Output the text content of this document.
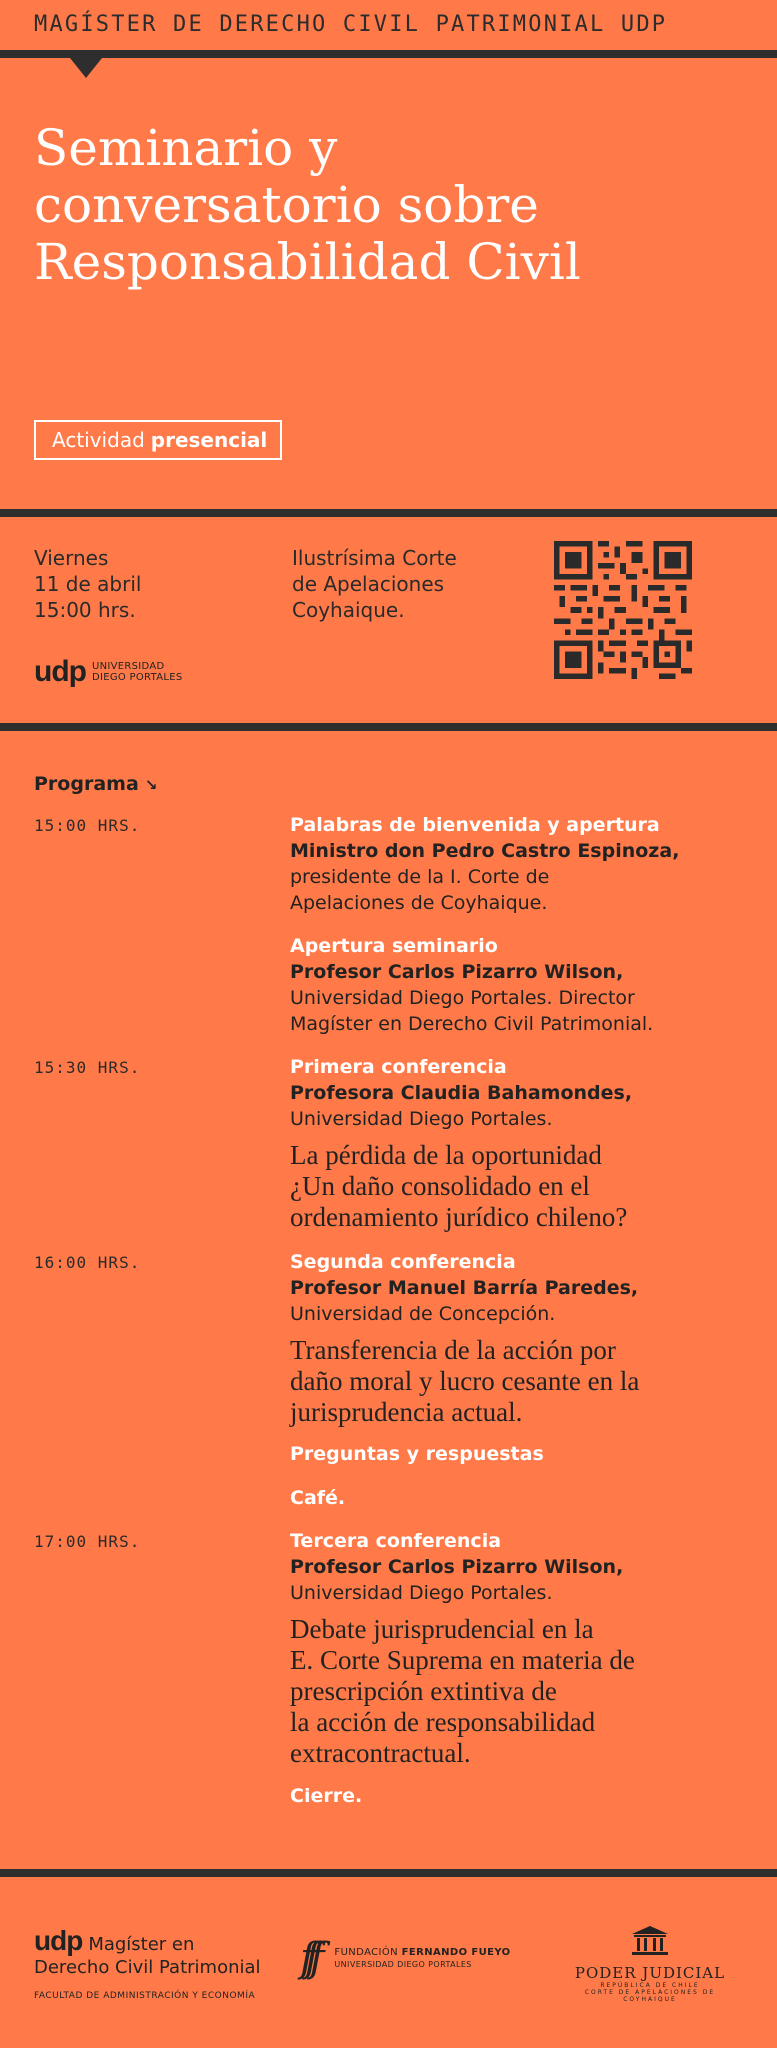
MAGÍSTER DE DERECHO CIVIL PATRIMONIAL UDP
Seminario y
conversatorio sobre
Responsabilidad Civil
Actividad presencial
Viernes
11 de abril
15:00 hrs.
Ilustrísima Corte
de Apelaciones
Coyhaique.
udp UNIVERSIDAD
DIEGO PORTALES
Programa ↘
15:00 HRS.
15:30 HRS.
16:00 HRS.
17:00 HRS.
Palabras de bienvenida y apertura
Ministro don Pedro Castro Espinoza,
presidente de la I. Corte de
Apelaciones de Coyhaique.
Apertura seminario
Profesor Carlos Pizarro Wilson,
Universidad Diego Portales. Director
Magíster en Derecho Civil Patrimonial.
Primera conferencia
Profesora Claudia Bahamondes,
Universidad Diego Portales.
La pérdida de la oportunidad
¿Un daño consolidado en el
ordenamiento jurídico chileno?
Segunda conferencia
Profesor Manuel Barría Paredes,
Universidad de Concepción.
Transferencia de la acción por
daño moral y lucro cesante en la
jurisprudencia actual.
Preguntas y respuestas
Café.
Tercera conferencia
Profesor Carlos Pizarro Wilson,
Universidad Diego Portales.
Debate jurisprudencial en la
E. Corte Suprema en materia de
prescripción extintiva de
la acción de responsabilidad
extracontractual.
Cierre.
udp Magíster en
Derecho Civil Patrimonial
FACULTAD DE ADMINISTRACIÓN Y ECONOMÍA
fff FUNDACIÓN FERNANDO FUEYO
UNIVERSIDAD DIEGO PORTALES	PODER JUDICIAL
REPÚBLICA DE CHILE
CORTE DE APELACIONES DE COYHAIQUE
